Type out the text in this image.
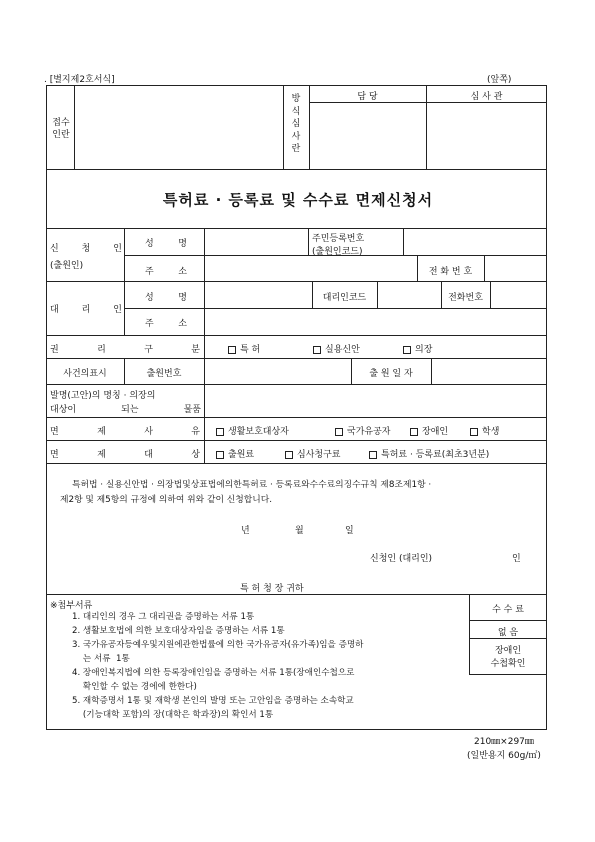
. [별지제2호서식]	(앞쪽)
접수
인란
방
식
심
사
란
담 당	심 사 관
특허료 · 등록료 및 수수료 면제신청서
신	청	인
(출원인)
성	명	주민등록번호
(출원인코드)
주	소	전 화 번 호
대	리	인
성	명	대리인코드	전화번호
주	소
권	리	구	분	특 허	실용신안	의장
사건의표시	출원번호	출 원 일 자
발명(고안)의 명칭 · 의장의
대상이	되는	물품
면	제	사	유	생활보호대상자	국가유공자	장애인	학생
면	제	대	상	출원료	심사청구료	특허료 · 등록료(최초3년분)
특허법 · 실용신안법 · 의장법및상표법에의한특허료 · 등록료와수수료의징수규칙 제8조제1항 ·
제2항 및 제5항의 규정에 의하여 위와 같이 신청합니다.
년	월	일
신청인 (대리인)	인
특 허 청 장 귀하
※첨부서류
1. 대리인의 경우 그 대리권을 증명하는 서류 1통
2. 생활보호법에 의한 보호대상자임을 증명하는 서류 1통
3. 국가유공자등예우및지원에관한법률에 의한 국가유공자(유가족)임을 증명하
는 서류  1통
4. 장애인복지법에 의한 등록장애인임을 증명하는 서류 1통(장애인수첩으로
확인할 수 없는 경에에 한한다)
5. 재학증명서 1통 및 재학생 본인의 발명 또는 고안임을 증명하는 소속학교
(기능대학 포함)의 장(대학은 학과장)의 확인서 1통
수 수 료
없 음
장애인
수첩확인
210㎜×297㎜
(일반용지 60g/㎡)
